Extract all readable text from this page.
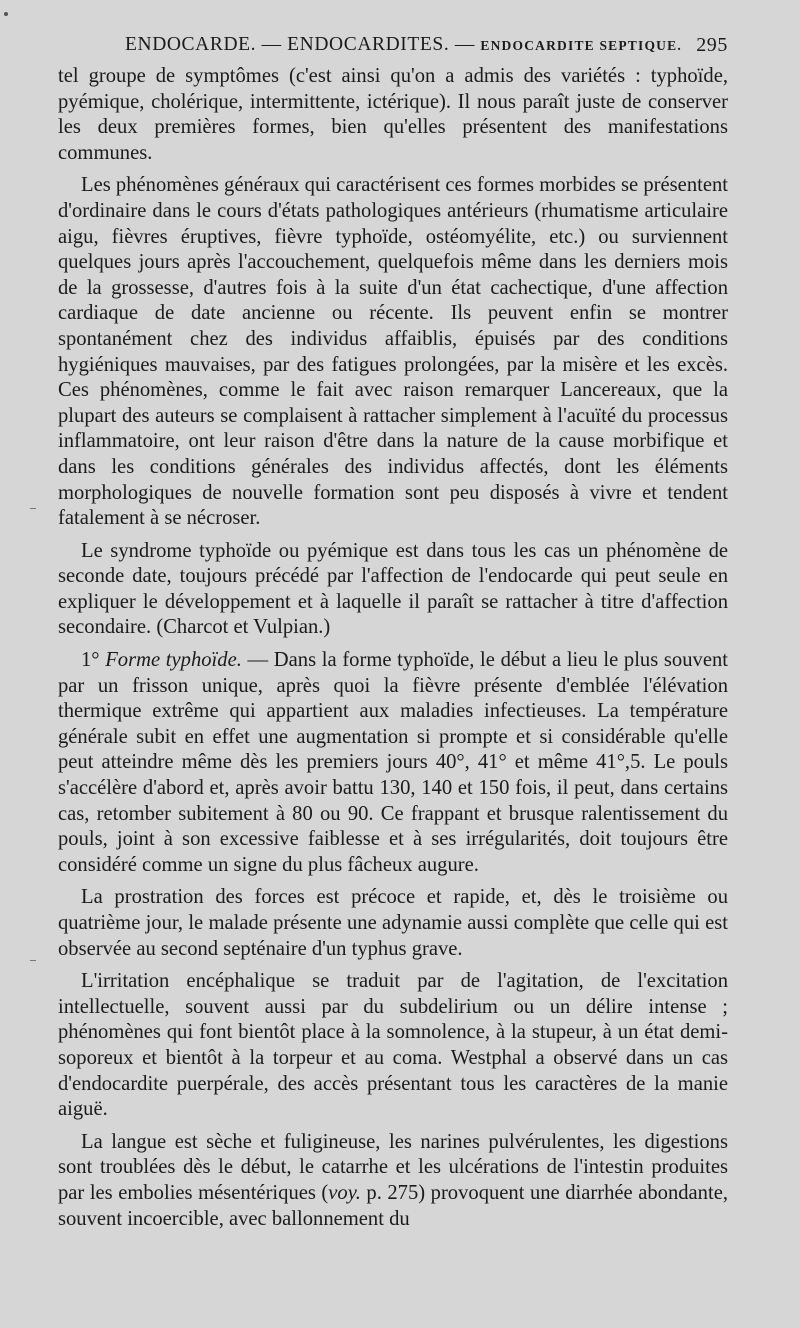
ENDOCARDE. — ENDOCARDITES. — ENDOCARDITE SEPTIQUE. 295

tel groupe de symptômes (c'est ainsi qu'on a admis des variétés : typhoïde, pyémique, cholérique, intermittente, ictérique). Il nous paraît juste de conserver les deux premières formes, bien qu'elles présentent des manifestations communes.

Les phénomènes généraux qui caractérisent ces formes morbides se présentent d'ordinaire dans le cours d'états pathologiques antérieurs (rhumatisme articulaire aigu, fièvres éruptives, fièvre typhoïde, ostéomyélite, etc.) ou surviennent quelques jours après l'accouchement, quelquefois même dans les derniers mois de la grossesse, d'autres fois à la suite d'un état cachectique, d'une affection cardiaque de date ancienne ou récente. Ils peuvent enfin se montrer spontanément chez des individus affaiblis, épuisés par des conditions hygiéniques mauvaises, par des fatigues prolongées, par la misère et les excès. Ces phénomènes, comme le fait avec raison remarquer Lancereaux, que la plupart des auteurs se complaisent à rattacher simplement à l'acuïté du processus inflammatoire, ont leur raison d'être dans la nature de la cause morbifique et dans les conditions générales des individus affectés, dont les éléments morphologiques de nouvelle formation sont peu disposés à vivre et tendent fatalement à se nécroser.

Le syndrome typhoïde ou pyémique est dans tous les cas un phénomène de seconde date, toujours précédé par l'affection de l'endocarde qui peut seule en expliquer le développement et à laquelle il paraît se rattacher à titre d'affection secondaire. (Charcot et Vulpian.)

1° Forme typhoïde. — Dans la forme typhoïde, le début a lieu le plus souvent par un frisson unique, après quoi la fièvre présente d'emblée l'élévation thermique extrême qui appartient aux maladies infectieuses. La température générale subit en effet une augmentation si prompte et si considérable qu'elle peut atteindre même dès les premiers jours 40°, 41° et même 41°,5. Le pouls s'accélère d'abord et, après avoir battu 130, 140 et 150 fois, il peut, dans certains cas, retomber subitement à 80 ou 90. Ce frappant et brusque ralentissement du pouls, joint à son excessive faiblesse et à ses irrégularités, doit toujours être considéré comme un signe du plus fâcheux augure.

La prostration des forces est précoce et rapide, et, dès le troisième ou quatrième jour, le malade présente une adynamie aussi complète que celle qui est observée au second septénaire d'un typhus grave.

L'irritation encéphalique se traduit par de l'agitation, de l'excitation intellectuelle, souvent aussi par du subdelirium ou un délire intense ; phénomènes qui font bientôt place à la somnolence, à la stupeur, à un état demi-soporeux et bientôt à la torpeur et au coma. Westphal a observé dans un cas d'endocardite puerpérale, des accès présentant tous les caractères de la manie aiguë.

La langue est sèche et fuligineuse, les narines pulvérulentes, les digestions sont troublées dès le début, le catarrhe et les ulcérations de l'intestin produites par les embolies mésentériques (voy. p. 275) provoquent une diarrhée abondante, souvent incoercible, avec ballonnement du
